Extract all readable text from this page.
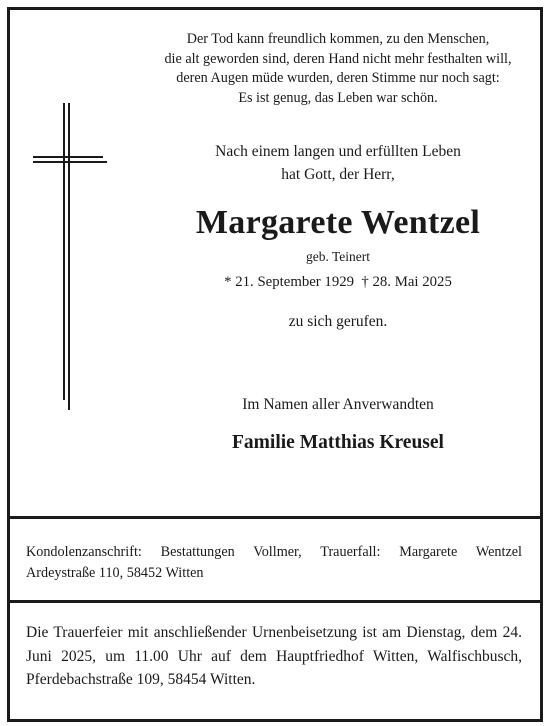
Der Tod kann freundlich kommen, zu den Menschen,
die alt geworden sind, deren Hand nicht mehr festhalten will,
deren Augen müde wurden, deren Stimme nur noch sagt:
Es ist genug, das Leben war schön.
Nach einem langen und erfüllten Leben
hat Gott, der Herr,
Margarete Wentzel
geb. Teinert
* 21. September 1929  † 28. Mai 2025
zu sich gerufen.
Im Namen aller Anverwandten
Familie Matthias Kreusel
Kondolenzanschrift: Bestattungen Vollmer, Trauerfall: Margarete Wentzel
Ardeystraße 110, 58452 Witten
Die Trauerfeier mit anschließender Urnenbeisetzung ist am Dienstag, dem 24. Juni 2025, um 11.00 Uhr auf dem Hauptfriedhof Witten, Walfischbusch, Pferdebachstraße 109, 58454 Witten.
